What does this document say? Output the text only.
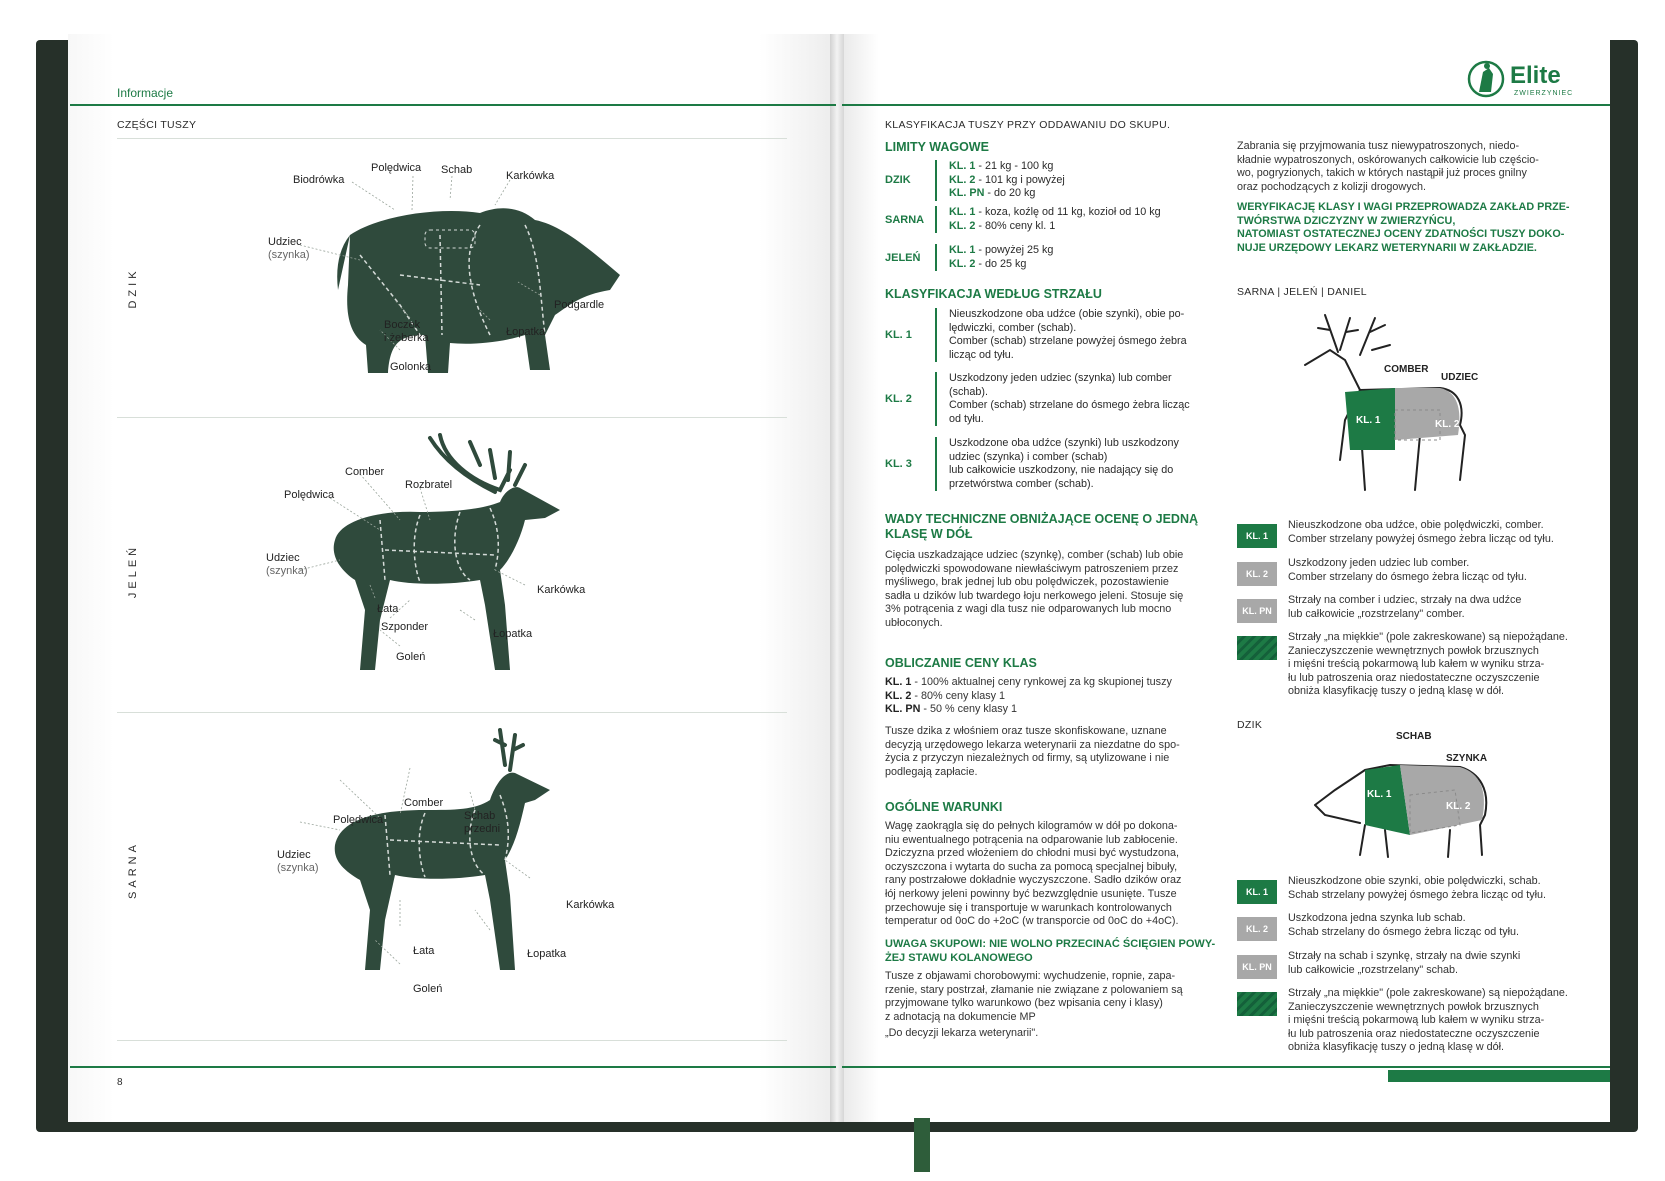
Informacje
CZĘŚCI TUSZY
DZIK
Biodrówka
Polędwica Schab	Karkówka
Udziec
(szynka)
Podgardle
Boczek
i żeberka	Łopatka
Golonka
JELEŃ
Comber
Rozbratel
Polędwica
Udziec
(szynka)
Karkówka
Łata
Szponder
Łopatka
Goleń
SARNA
Comber
Polędwica	Schab
przedni
Udziec
(szynka)
Karkówka
Łata	Łopatka
Goleń
8
Elite
ZWIERZYNIEC
KLASYFIKACJA TUSZY PRZY ODDAWANIU DO SKUPU.
LIMITY WAGOWE
DZIK
KL. 1 - 21 kg - 100 kg
KL. 2 - 101 kg i powyżej
KL. PN - do 20 kg
SARNA
KL. 1 - koza, koźlę od 11 kg, kozioł od 10 kg
KL. 2 - 80% ceny kl. 1
JELEŃ
KL. 1 - powyżej 25 kg
KL. 2 - do 25 kg
KLASYFIKACJA WEDŁUG STRZAŁU
KL. 1
Nieuszkodzone oba udźce (obie szynki), obie po-
lędwiczki, comber (schab).
Comber (schab) strzelane powyżej ósmego żebra
licząc od tyłu.
KL. 2
Uszkodzony jeden udziec (szynka) lub comber
(schab).
Comber (schab) strzelane do ósmego żebra licząc
od tyłu.
KL. 3
Uszkodzone oba udźce (szynki) lub uszkodzony
udziec (szynka) i comber (schab)
lub całkowicie uszkodzony, nie nadający się do
przetwórstwa comber (schab).
WADY TECHNICZNE OBNIŻAJĄCE OCENĘ O JEDNĄ
KLASĘ W DÓŁ
Cięcia uszkadzające udziec (szynkę), comber (schab) lub obie
polędwiczki spowodowane niewłaściwym patroszeniem przez
myśliwego, brak jednej lub obu polędwiczek, pozostawienie
sadła u dzików lub twardego łoju nerkowego jeleni. Stosuje się
3% potrącenia z wagi dla tusz nie odparowanych lub mocno
ubłoconych.
OBLICZANIE CENY KLAS
KL. 1 - 100% aktualnej ceny rynkowej za kg skupionej tuszy
KL. 2 - 80% ceny klasy 1
KL. PN - 50 % ceny klasy 1
Tusze dzika z włośniem oraz tusze skonfiskowane, uznane
decyzją urzędowego lekarza weterynarii za niezdatne do spo-
życia z przyczyn niezależnych od firmy, są utylizowane i nie
podlegają zapłacie.
OGÓLNE WARUNKI
Wagę zaokrągla się do pełnych kilogramów w dół po dokona-
niu ewentualnego potrącenia na odparowanie lub zabłocenie.
Dziczyzna przed włożeniem do chłodni musi być wystudzona,
oczyszczona i wytarta do sucha za pomocą specjalnej bibuły,
rany postrzałowe dokładnie wyczyszczone. Sadło dzików oraz
łój nerkowy jeleni powinny być bezwzględnie usunięte. Tusze
przechowuje się i transportuje w warunkach kontrolowanych
temperatur od 0oC do +2oC (w transporcie od 0oC do +4oC).
UWAGA SKUPOWI: NIE WOLNO PRZECINAĆ ŚCIĘGIEN POWY-
ŻEJ STAWU KOLANOWEGO
Tusze z objawami chorobowymi: wychudzenie, ropnie, zapa-
rzenie, stary postrzał, złamanie nie związane z polowaniem są
przyjmowane tylko warunkowo (bez wpisania ceny i klasy)
z adnotacją na dokumencie MP
„Do decyzji lekarza weterynarii".
Zabrania się przyjmowania tusz niewypatroszonych, niedo-
kładnie wypatroszonych, oskórowanych całkowicie lub częścio-
wo, pogryzionych, takich w których nastąpił już proces gnilny
oraz pochodzących z kolizji drogowych.
WERYFIKACJĘ KLASY I WAGI PRZEPROWADZA ZAKŁAD PRZE-
TWÓRSTWA DZICZYZNY W ZWIERZYŃCU,
NATOMIAST OSTATECZNEJ OCENY ZDATNOŚCI TUSZY DOKO-
NUJE URZĘDOWY LEKARZ WETERYNARII W ZAKŁADZIE.
SARNA | JELEŃ | DANIEL
COMBER
UDZIEC
KL. 1	KL. 2
KL. 1
Nieuszkodzone oba udźce, obie polędwiczki, comber.
Comber strzelany powyżej ósmego żebra licząc od tyłu.
KL. 2
Uszkodzony jeden udziec lub comber.
Comber strzelany do ósmego żebra licząc od tyłu.
KL. PN
Strzały na comber i udziec, strzały na dwa udźce
lub całkowicie „rozstrzelany" comber.
Strzały „na miękkie" (pole zakreskowane) są niepożądane.
Zanieczyszczenie wewnętrznych powłok brzusznych
i mięśni treścią pokarmową lub kałem w wyniku strza-
łu lub patroszenia oraz niedostateczne oczyszczenie
obniża klasyfikację tuszy o jedną klasę w dół.
DZIK
SCHAB
SZYNKA
KL. 1
KL. 2
KL. 1
Nieuszkodzone obie szynki, obie polędwiczki, schab.
Schab strzelany powyżej ósmego żebra licząc od tyłu.
KL. 2
Uszkodzona jedna szynka lub schab.
Schab strzelany do ósmego żebra licząc od tyłu.
KL. PN
Strzały na schab i szynkę, strzały na dwie szynki
lub całkowicie „rozstrzelany" schab.
Strzały „na miękkie" (pole zakreskowane) są niepożądane.
Zanieczyszczenie wewnętrznych powłok brzusznych
i mięśni treścią pokarmową lub kałem w wyniku strza-
łu lub patroszenia oraz niedostateczne oczyszczenie
obniża klasyfikację tuszy o jedną klasę w dół.
